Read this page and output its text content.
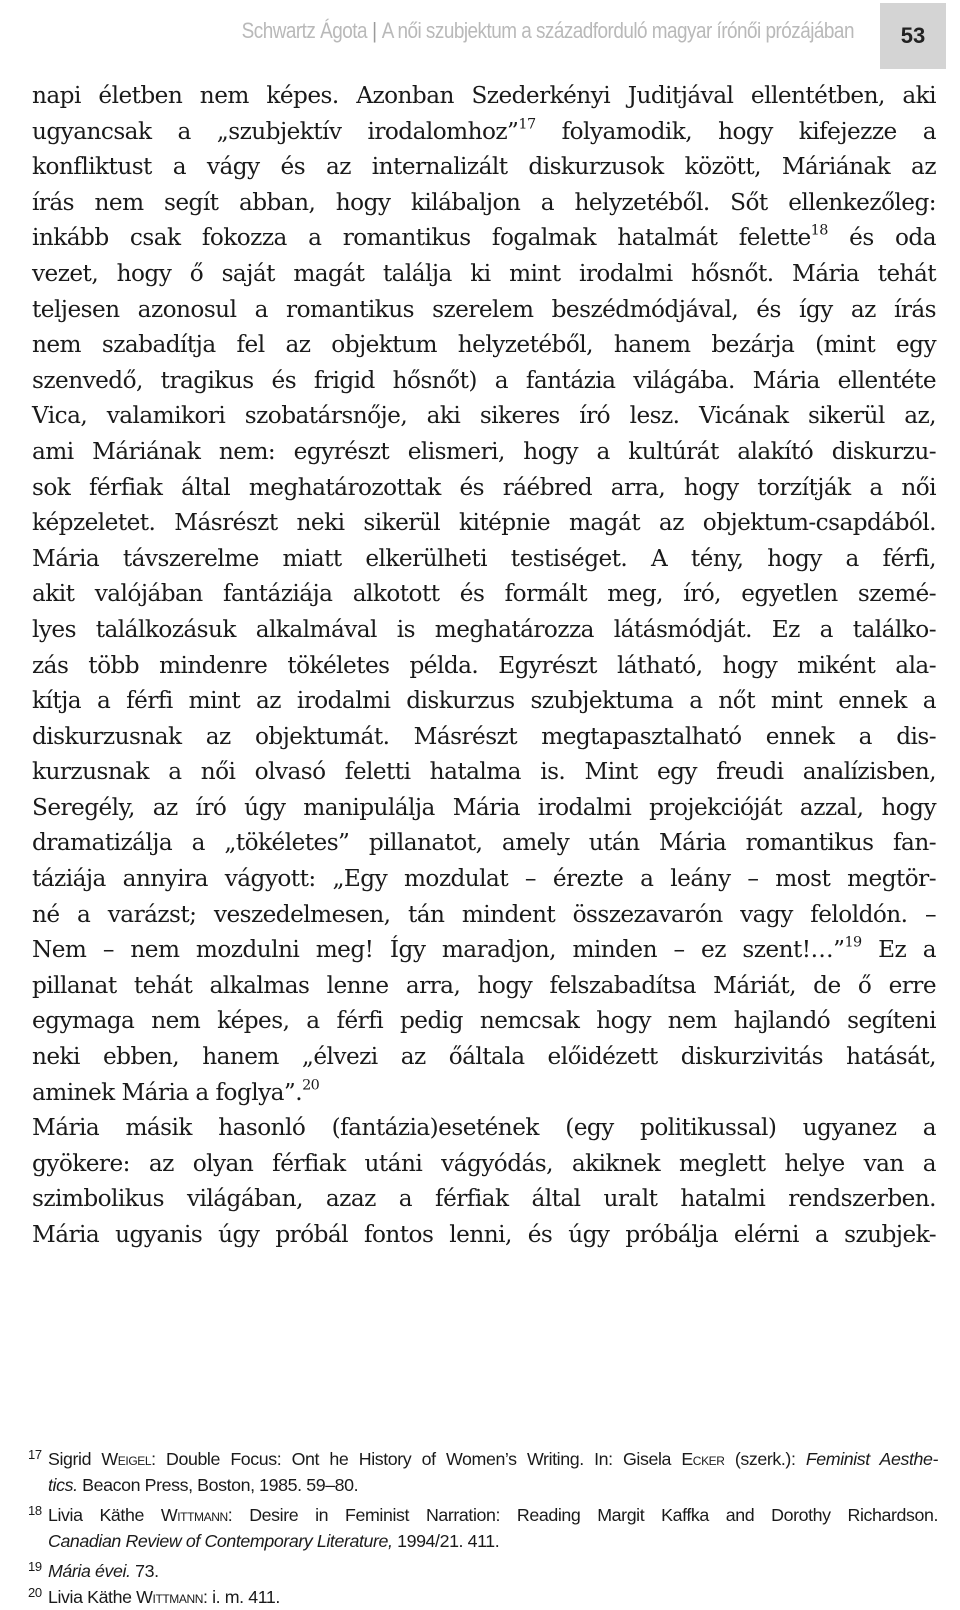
Schwartz Ágota | A női szubjektum a századforduló magyar írónői prózájában 53
napi életben nem képes. Azonban Szederkényi Juditjával ellentétben, aki
ugyancsak a „szubjektív irodalomhoz”$^{17}$ folyamodik, hogy kifejezze a
konfliktust a vágy és az internalizált diskurzusok között, Máriának az
írás nem segít abban, hogy kilábaljon a helyzetéből. Sőt ellenkezőleg:
inkább csak fokozza a romantikus fogalmak hatalmát felette$^{18}$ és oda
vezet, hogy ő saját magát találja ki mint irodalmi hősnőt. Mária tehát
teljesen azonosul a romantikus szerelem beszédmódjával, és így az írás
nem szabadítja fel az objektum helyzetéből, hanem bezárja (mint egy
szenvedő, tragikus és frigid hősnőt) a fantázia világába. Mária ellentéte
Vica, valamikori szobatársnője, aki sikeres író lesz. Vicának sikerül az,
ami Máriának nem: egyrészt elismeri, hogy a kultúrát alakító diskurzu-
sok férfiak által meghatározottak és ráébred arra, hogy torzítják a női
képzeletet. Másrészt neki sikerül kitépnie magát az objektum-csapdából.
Mária távszerelme miatt elkerülheti testiséget. A tény, hogy a férfi,
akit valójában fantáziája alkotott és formált meg, író, egyetlen szemé-
lyes találkozásuk alkalmával is meghatározza látásmódját. Ez a találko-
zás több mindenre tökéletes példa. Egyrészt látható, hogy miként ala-
kítja a férfi mint az irodalmi diskurzus szubjektuma a nőt mint ennek a
diskurzusnak az objektumát. Másrészt megtapasztalható ennek a dis-
kurzusnak a női olvasó feletti hatalma is. Mint egy freudi analízisben,
Seregély, az író úgy manipulálja Mária irodalmi projekcióját azzal, hogy
dramatizálja a „tökéletes” pillanatot, amely után Mária romantikus fan-
táziája annyira vágyott: „Egy mozdulat – érezte a leány – most megtör-
né a varázst; veszedelmesen, tán mindent összezavarón vagy feloldón. –
Nem – nem mozdulni meg! Így maradjon, minden – ez szent!…”$^{19}$ Ez a
pillanat tehát alkalmas lenne arra, hogy felszabadítsa Máriát, de ő erre
egymaga nem képes, a férfi pedig nemcsak hogy nem hajlandó segíteni
neki ebben, hanem „élvezi az őáltala előidézett diskurzivitás hatását,
aminek Mária a foglya”.$^{20}$
Mária másik hasonló (fantázia)esetének (egy politikussal) ugyanez a
gyökere: az olyan férfiak utáni vágyódás, akiknek meglett helye van a
szimbolikus világában, azaz a férfiak által uralt hatalmi rendszerben.
Mária ugyanis úgy próbál fontos lenni, és úgy próbálja elérni a szubjek-
17 Sigrid Weigel: Double Focus: Ont he History of Women’s Writing. In: Gisela Ecker (szerk.): Feminist Aesthe-
tics. Beacon Press, Boston, 1985. 59–80.
18 Livia Käthe Wittmann: Desire in Feminist Narration: Reading Margit Kaffka and Dorothy Richardson.
Canadian Review of Contemporary Literature, 1994/21. 411.
19 Mária évei. 73.
20 Livia Käthe Wittmann: i. m. 411.
